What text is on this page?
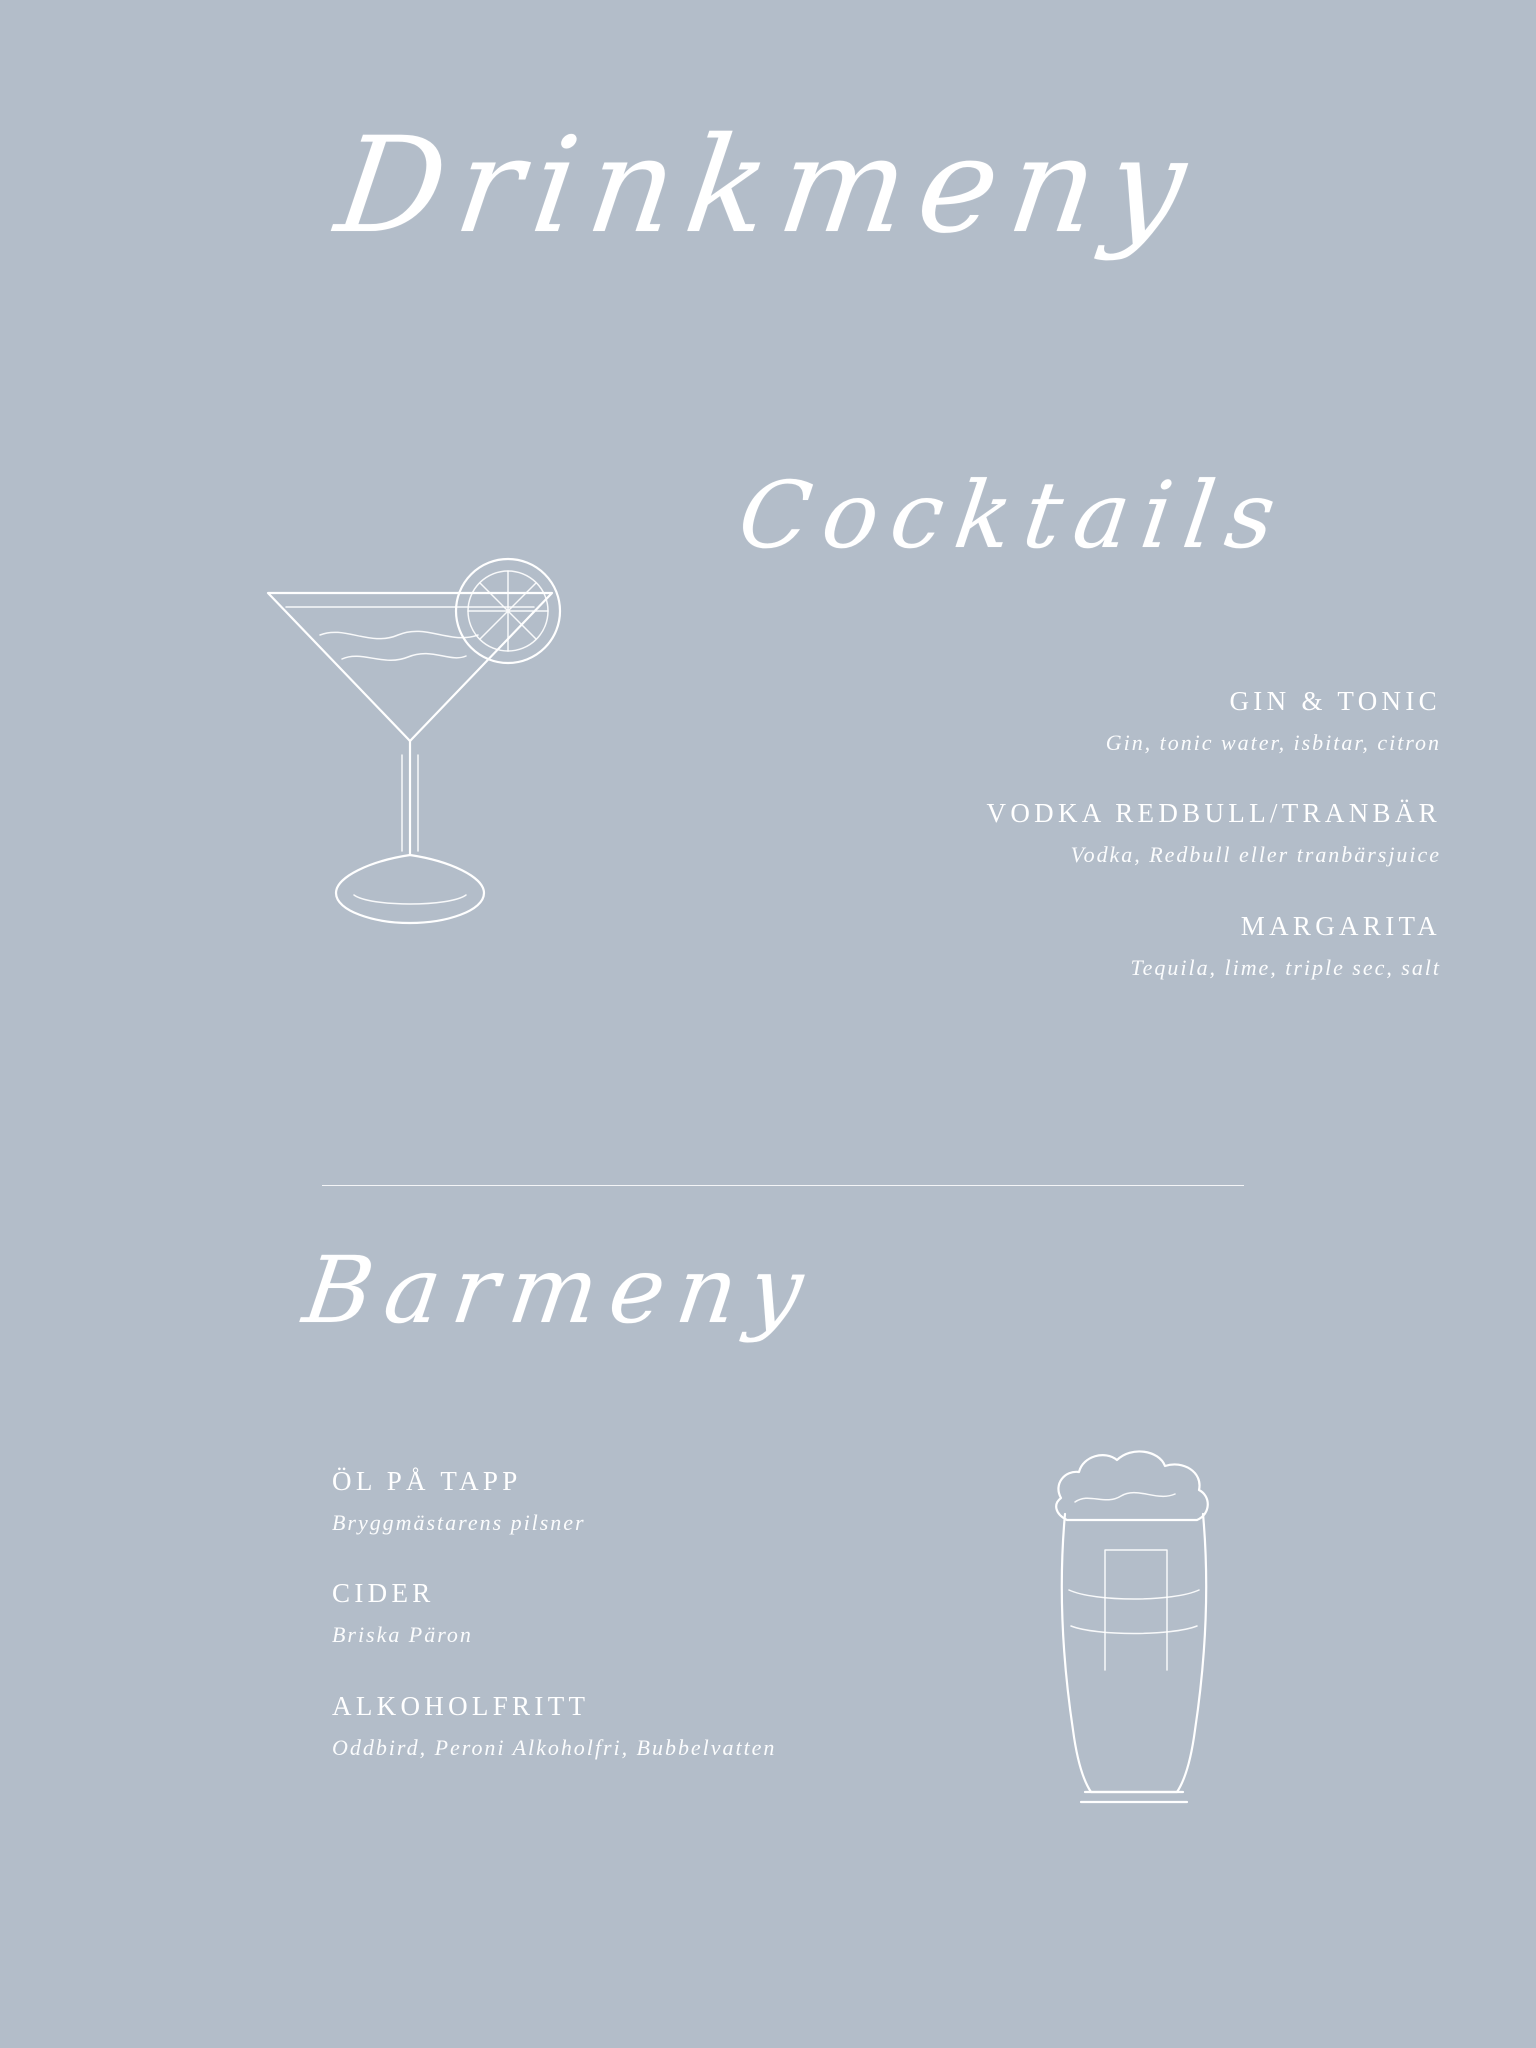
Drinkmeny
Cocktails
GIN & TONIC
Gin, tonic water, isbitar, citron
VODKA REDBULL/TRANBÄR
Vodka, Redbull eller tranbärsjuice
MARGARITA
Tequila, lime, triple sec, salt
Barmeny
ÖL PÅ TAPP
Bryggmästarens pilsner
CIDER
Briska Päron
ALKOHOLFRITT
Oddbird, Peroni Alkoholfri, Bubbelvatten
